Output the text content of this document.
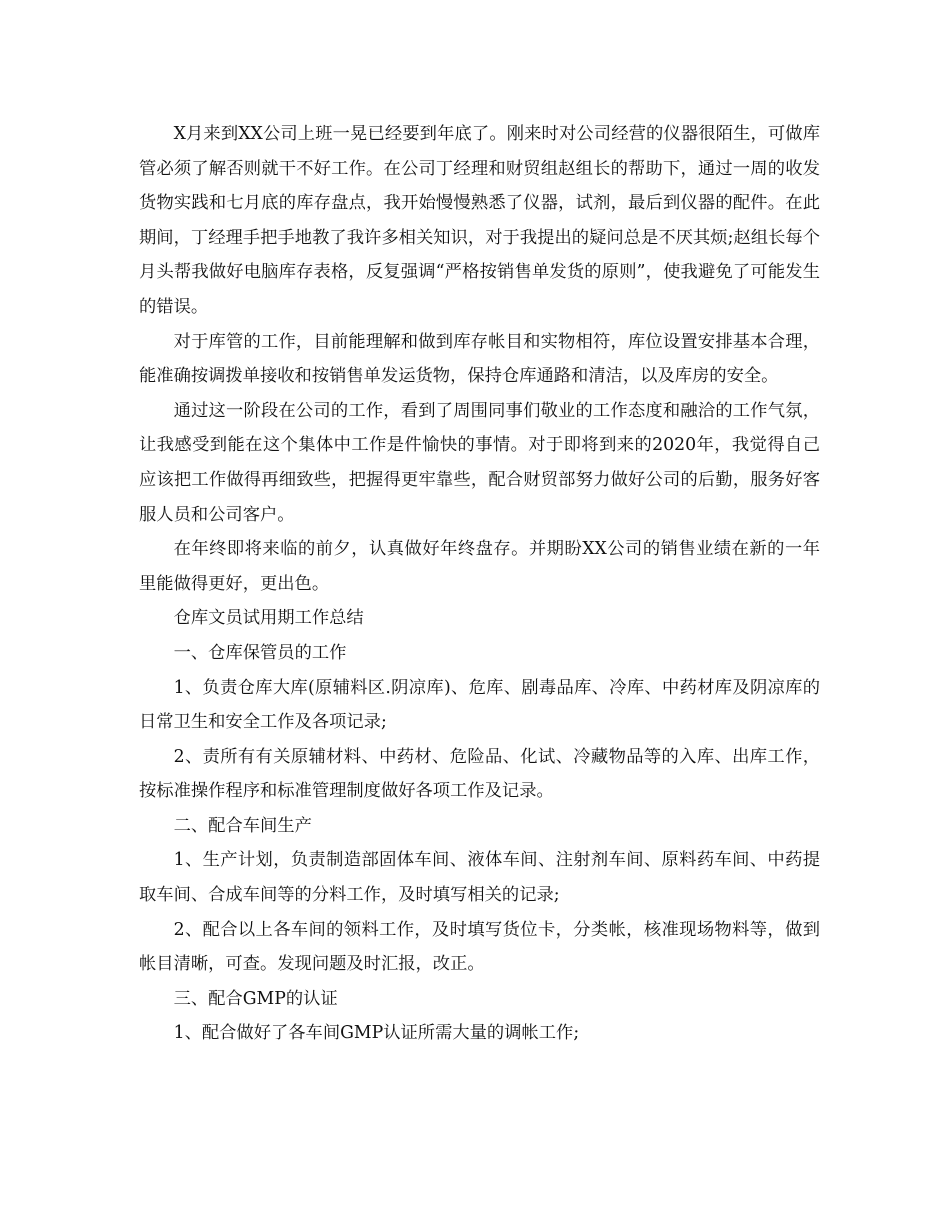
X月来到XX公司上班一晃已经要到年底了。刚来时对公司经营的仪器很陌生，可做库管必须了解否则就干不好工作。在公司丁经理和财贸组赵组长的帮助下，通过一周的收发货物实践和七月底的库存盘点，我开始慢慢熟悉了仪器，试剂，最后到仪器的配件。在此期间，丁经理手把手地教了我许多相关知识，对于我提出的疑问总是不厌其烦;赵组长每个月头帮我做好电脑库存表格，反复强调“严格按销售单发货的原则”，使我避免了可能发生的错误。

对于库管的工作，目前能理解和做到库存帐目和实物相符，库位设置安排基本合理，能准确按调拨单接收和按销售单发运货物，保持仓库通路和清洁，以及库房的安全。

通过这一阶段在公司的工作，看到了周围同事们敬业的工作态度和融洽的工作气氛，让我感受到能在这个集体中工作是件愉快的事情。对于即将到来的2020年，我觉得自己应该把工作做得再细致些，把握得更牢靠些，配合财贸部努力做好公司的后勤，服务好客服人员和公司客户。

在年终即将来临的前夕，认真做好年终盘存。并期盼XX公司的销售业绩在新的一年里能做得更好，更出色。

仓库文员试用期工作总结

一、仓库保管员的工作

1、负责仓库大库(原辅料区.阴凉库)、危库、剧毒品库、冷库、中药材库及阴凉库的日常卫生和安全工作及各项记录;

2、责所有有关原辅材料、中药材、危险品、化试、冷藏物品等的入库、出库工作，按标准操作程序和标准管理制度做好各项工作及记录。

二、配合车间生产

1、生产计划，负责制造部固体车间、液体车间、注射剂车间、原料药车间、中药提取车间、合成车间等的分料工作，及时填写相关的记录;

2、配合以上各车间的领料工作，及时填写货位卡，分类帐，核准现场物料等，做到帐目清晰，可查。发现问题及时汇报，改正。

三、配合GMP的认证

1、配合做好了各车间GMP认证所需大量的调帐工作;
